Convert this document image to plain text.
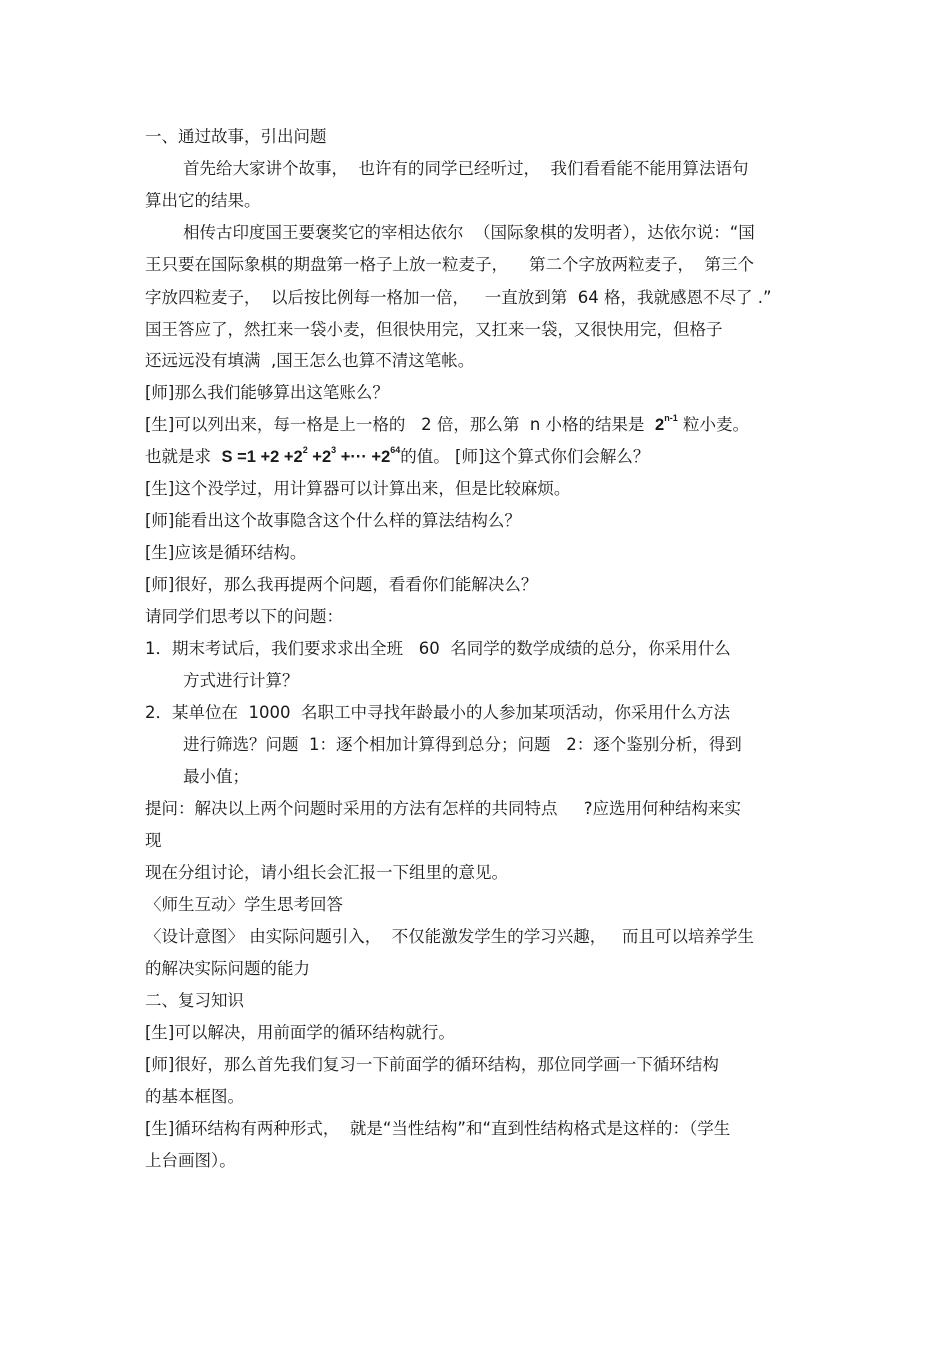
一、通过故事，引出问题
首先给大家讲个故事，  也许有的同学已经听过，  我们看看能不能用算法语句
算出它的结果。
相传古印度国王要褒奖它的宰相达依尔  （国际象棋的发明者），达依尔说：“国
王只要在国际象棋的期盘第一格子上放一粒麦子，    第二个字放两粒麦子，  第三个
字放四粒麦子，  以后按比例每一格加一倍，   一直放到第  64 格，我就感恩不尽了 .”
国王答应了，然扛来一袋小麦，但很快用完，又扛来一袋，又很快用完，但格子
还远远没有填满  ,国王怎么也算不清这笔帐。
[师]那么我们能够算出这笔账么？
[生]可以列出来，每一格是上一格的   2 倍，那么第  n 小格的结果是 2$^{n-1}$ 粒小麦。
也就是求 $S =1 +2 +2^2 +2^3$ +··· $+2^{64}$的值。 [师]这个算式你们会解么？
[生]这个没学过，用计算器可以计算出来，但是比较麻烦。
[师]能看出这个故事隐含这个什么样的算法结构么？
[生]应该是循环结构。
[师]很好，那么我再提两个问题，看看你们能解决么？
请同学们思考以下的问题：
1．期末考试后，我们要求求出全班   60  名同学的数学成绩的总分，你采用什么
方式进行计算？
2．某单位在  1000  名职工中寻找年龄最小的人参加某项活动，你采用什么方法
进行筛选？问题  1：逐个相加计算得到总分；问题   2：逐个鉴别分析，得到
最小值；
提问：解决以上两个问题时采用的方法有怎样的共同特点     ?应选用何种结构来实
现
现在分组讨论，请小组长会汇报一下组里的意见。
〈师生互动〉学生思考回答
〈设计意图〉 由实际问题引入，  不仅能激发学生的学习兴趣，   而且可以培养学生
的解决实际问题的能力
二、复习知识
[生]可以解决，用前面学的循环结构就行。
[师]很好，那么首先我们复习一下前面学的循环结构，那位同学画一下循环结构
的基本框图。
[生]循环结构有两种形式，  就是“当性结构”和“直到性结构格式是这样的：（学生
上台画图）。
